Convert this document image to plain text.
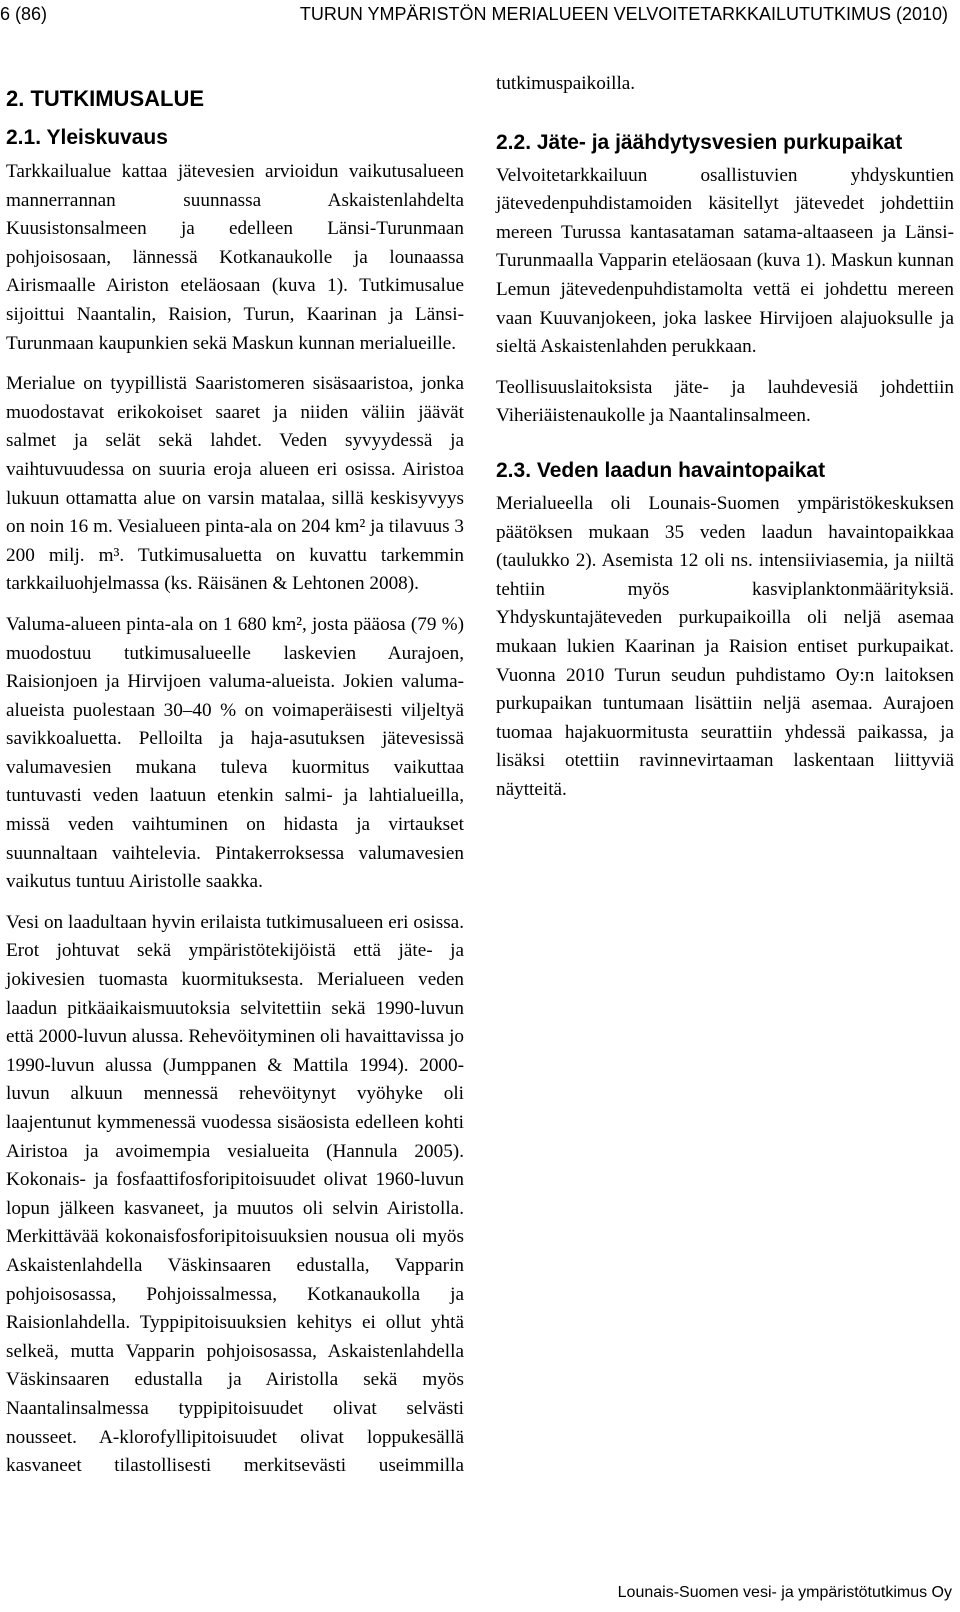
6 (86)	TURUN YMPÄRISTÖN MERIALUEEN VELVOITETARKKAILUTUTKIMUS (2010)
2. TUTKIMUSALUE
2.1. Yleiskuvaus

Tarkkailualue kattaa jätevesien arvioidun vaikutusalueen mannerrannan suunnassa Askaistenlahdelta Kuusistonsalmeen ja edelleen Länsi-Turunmaan pohjoisosaan, lännessä Kotkanaukolle ja lounaassa Airismaalle Airiston eteläosaan (kuva 1). Tutkimusalue sijoittui Naantalin, Raision, Turun, Kaarinan ja Länsi-Turunmaan kaupunkien sekä Maskun kunnan merialueille.

Merialue on tyypillistä Saaristomeren sisäsaaristoa, jonka muodostavat erikokoiset saaret ja niiden väliin jäävät salmet ja selät sekä lahdet. Veden syvyydessä ja vaihtuvuudessa on suuria eroja alueen eri osissa. Airistoa lukuun ottamatta alue on varsin matalaa, sillä keskisyvyys on noin 16 m. Vesialueen pinta-ala on 204 km² ja tilavuus 3 200 milj. m³. Tutkimusaluetta on kuvattu tarkemmin tarkkailuohjelmassa (ks. Räisänen & Lehtonen 2008).

Valuma-alueen pinta-ala on 1 680 km², josta pääosa (79 %) muodostuu tutkimusalueelle laskevien Aurajoen, Raisionjoen ja Hirvijoen valuma-alueista. Jokien valuma-alueista puolestaan 30–40 % on voimaperäisesti viljeltyä savikkoaluetta. Pelloilta ja haja-asutuksen jätevesissä valumavesien mukana tuleva kuormitus vaikuttaa tuntuvasti veden laatuun etenkin salmi- ja lahtialueilla, missä veden vaihtuminen on hidasta ja virtaukset suunnaltaan vaihtelevia. Pintakerroksessa valumavesien vaikutus tuntuu Airistolle saakka.

Vesi on laadultaan hyvin erilaista tutkimusalueen eri osissa. Erot johtuvat sekä ympäristötekijöistä että jäte- ja jokivesien tuomasta kuormituksesta. Merialueen veden laadun pitkäaikaismuutoksia selvitettiin sekä 1990-luvun että 2000-luvun alussa. Rehevöityminen oli havaittavissa jo 1990-luvun alussa (Jumppanen & Mattila 1994). 2000-luvun alkuun mennessä rehevöitynyt vyöhyke oli laajentunut kymmenessä vuodessa sisäosista edelleen kohti Airistoa ja avoimempia vesialueita (Hannula 2005). Kokonais- ja fosfaattifosforipitoisuudet olivat 1960-luvun lopun jälkeen kasvaneet, ja muutos oli selvin Airistolla. Merkittävää kokonaisfosforipitoisuuksien nousua oli myös Askaistenlahdella Väskinsaaren edustalla, Vapparin pohjoisosassa, Pohjoissalmessa, Kotkanaukolla ja Raisionlahdella. Typpipitoisuuksien kehitys ei ollut yhtä selkeä, mutta Vapparin pohjoisosassa, Askaistenlahdella Väskinsaaren edustalla ja Airistolla sekä myös Naantalinsalmessa typpipitoisuudet olivat selvästi nousseet. A-klorofyllipitoisuudet olivat loppukesällä kasvaneet tilastollisesti merkitsevästi useimmilla

tutkimuspaikoilla.

2.2. Jäte- ja jäähdytysvesien purkupaikat

Velvoitetarkkailuun osallistuvien yhdyskuntien jätevedenpuhdistamoiden käsitellyt jätevedet johdettiin mereen Turussa kantasataman satama-altaaseen ja Länsi-Turunmaalla Vapparin eteläosaan (kuva 1). Maskun kunnan Lemun jätevedenpuhdistamolta vettä ei johdettu mereen vaan Kuuvanjokeen, joka laskee Hirvijoen alajuoksulle ja sieltä Askaistenlahden perukkaan.

Teollisuuslaitoksista jäte- ja lauhdevesiä johdettiin Viheriäistenaukolle ja Naantalinsalmeen.

2.3. Veden laadun havaintopaikat

Merialueella oli Lounais-Suomen ympäristökeskuksen päätöksen mukaan 35 veden laadun havaintopaikkaa (taulukko 2). Asemista 12 oli ns. intensiiviasemia, ja niiltä tehtiin myös kasviplanktonmäärityksiä. Yhdyskuntajäteveden purkupaikoilla oli neljä asemaa mukaan lukien Kaarinan ja Raision entiset purkupaikat. Vuonna 2010 Turun seudun puhdistamo Oy:n laitoksen purkupaikan tuntumaan lisättiin neljä asemaa. Aurajoen tuomaa hajakuormitusta seurattiin yhdessä paikassa, ja lisäksi otettiin ravinnevirtaaman laskentaan liittyviä näytteitä.

Lounais-Suomen vesi- ja ympäristötutkimus Oy
